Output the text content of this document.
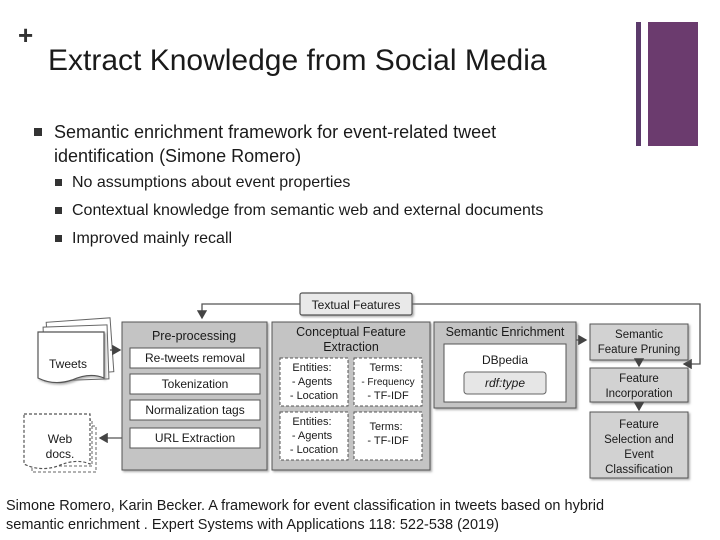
+
Extract Knowledge from Social Media
Semantic enrichment framework for event-related tweet identification (Simone Romero)
No assumptions about event properties
Contextual knowledge from semantic web and external documents
Improved mainly recall
Textual Features
Tweets
Web
docs.
Pre-processing
Re-tweets removal
Tokenization
Normalization tags
URL Extraction
Conceptual Feature
Extraction
Entities:
- Agents
- Location
Terms:
- Frequency
- TF-IDF
Entities:
- Agents
- Location
Terms:
- TF-IDF
Semantic Enrichment
DBpedia
rdf:type
Semantic
Feature Pruning
Feature
Incorporation
Feature
Selection and
Event
Classification
Simone Romero, Karin Becker. A framework for event classification in tweets based on hybrid
semantic enrichment . Expert Systems with Applications 118: 522-538 (2019)
